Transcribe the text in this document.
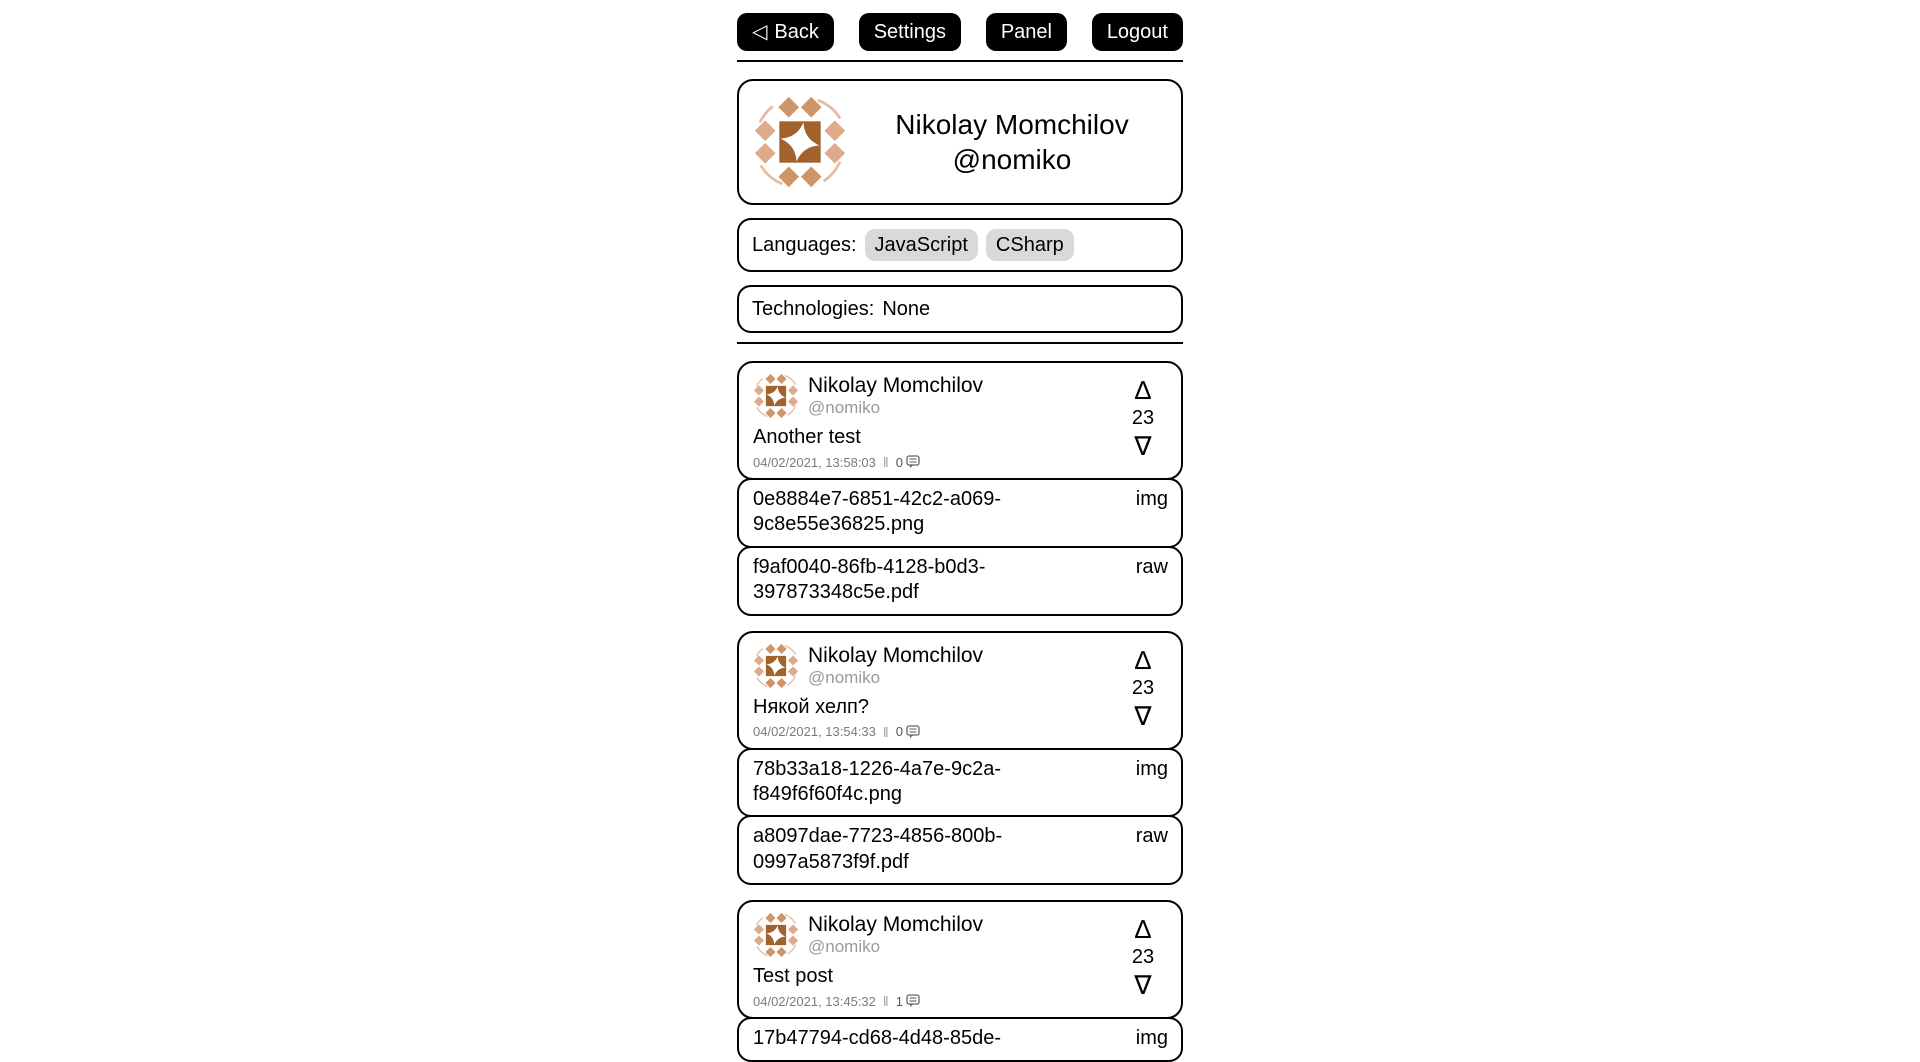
◁ Back	Settings	Panel	Logout
Nikolay Momchilov
@nomiko
Languages: JavaScript	CSharp
Technologies: None
Nikolay Momchilov
@nomiko
Another test
04/02/2021, 13:58:03 ‖ 0
∆
23
∇
0e8884e7-6851-42c2-a069-9c8e55e36825.png
img
f9af0040-86fb-4128-b0d3-397873348c5e.pdf
raw
Nikolay Momchilov
@nomiko
Някой хелп?
04/02/2021, 13:54:33 ‖ 0
∆
23
∇
78b33a18-1226-4a7e-9c2a-f849f6f60f4c.png
img
a8097dae-7723-4856-800b-0997a5873f9f.pdf
raw
Nikolay Momchilov
@nomiko
Test post
04/02/2021, 13:45:32 ‖ 1
∆
23
∇
17b47794-cd68-4d48-85de-	img
